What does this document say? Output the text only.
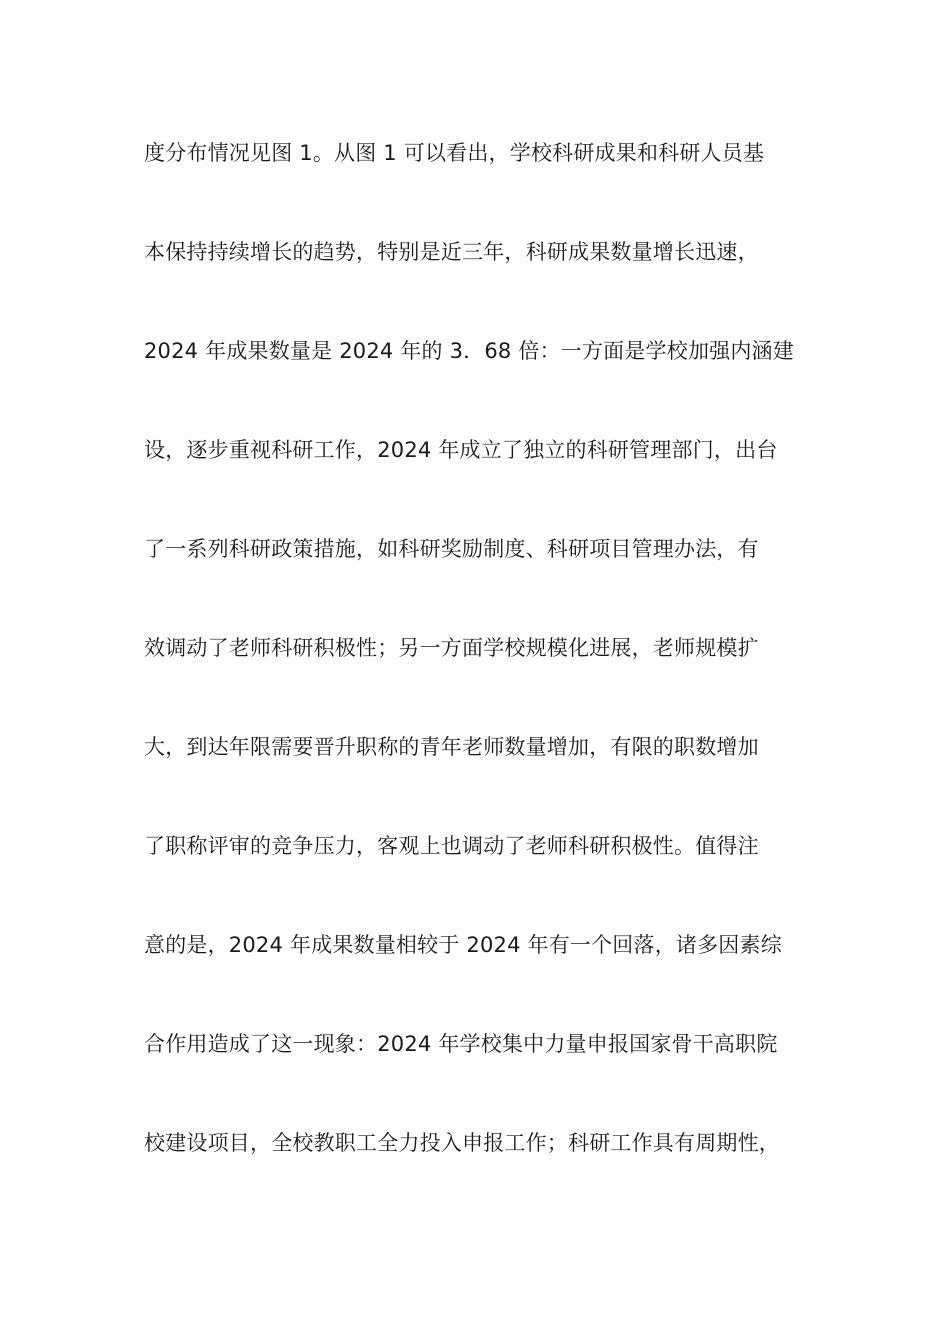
度分布情况见图 1。从图 1 可以看出，学校科研成果和科研人员基
本保持持续增长的趋势，特别是近三年，科研成果数量增长迅速，
2024 年成果数量是 2024 年的 3．68 倍：一方面是学校加强内涵建
设，逐步重视科研工作，2024 年成立了独立的科研管理部门，出台
了一系列科研政策措施，如科研奖励制度、科研项目管理办法，有
效调动了老师科研积极性；另一方面学校规模化进展，老师规模扩
大，到达年限需要晋升职称的青年老师数量增加，有限的职数增加
了职称评审的竞争压力，客观上也调动了老师科研积极性。值得注
意的是，2024 年成果数量相较于 2024 年有一个回落，诸多因素综
合作用造成了这一现象：2024 年学校集中力量申报国家骨干高职院
校建设项目，全校教职工全力投入申报工作；科研工作具有周期性，
